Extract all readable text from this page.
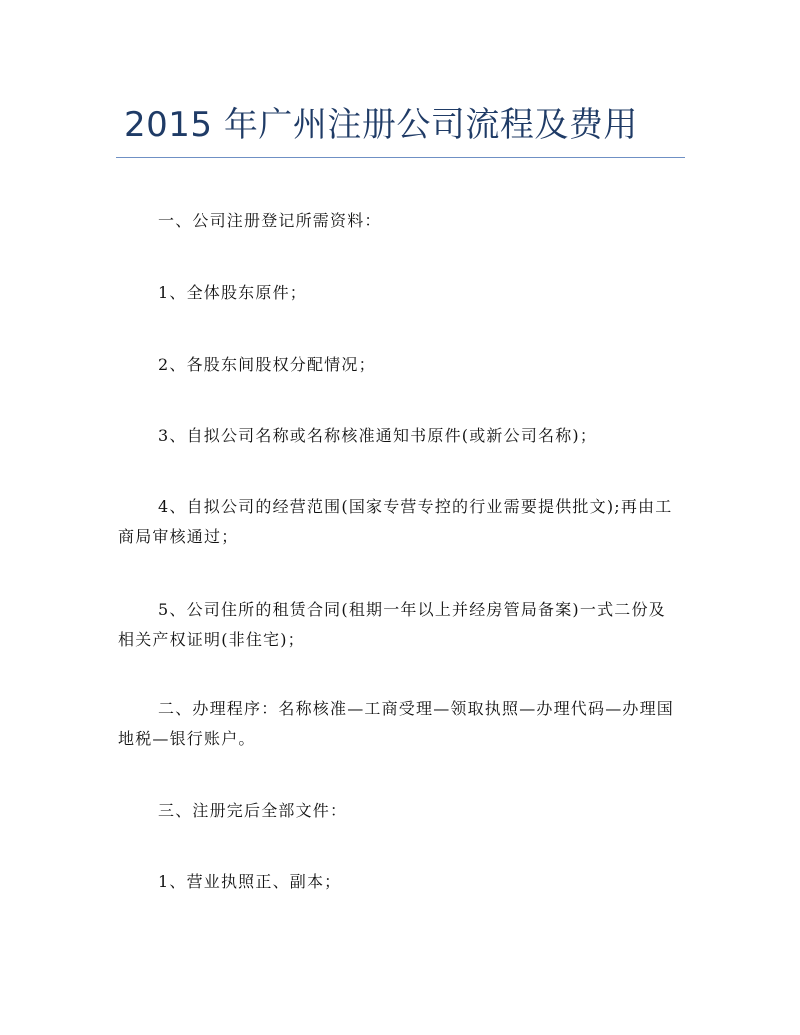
2015 年广州注册公司流程及费用

一、公司注册登记所需资料：

1、全体股东原件；

2、各股东间股权分配情况；

3、自拟公司名称或名称核准通知书原件(或新公司名称)；

4、自拟公司的经营范围(国家专营专控的行业需要提供批文);再由工商局审核通过；

5、公司住所的租赁合同(租期一年以上并经房管局备案)一式二份及相关产权证明(非住宅)；

二、办理程序：名称核准—工商受理—领取执照—办理代码—办理国地税—银行账户。

三、注册完后全部文件：

1、营业执照正、副本；
